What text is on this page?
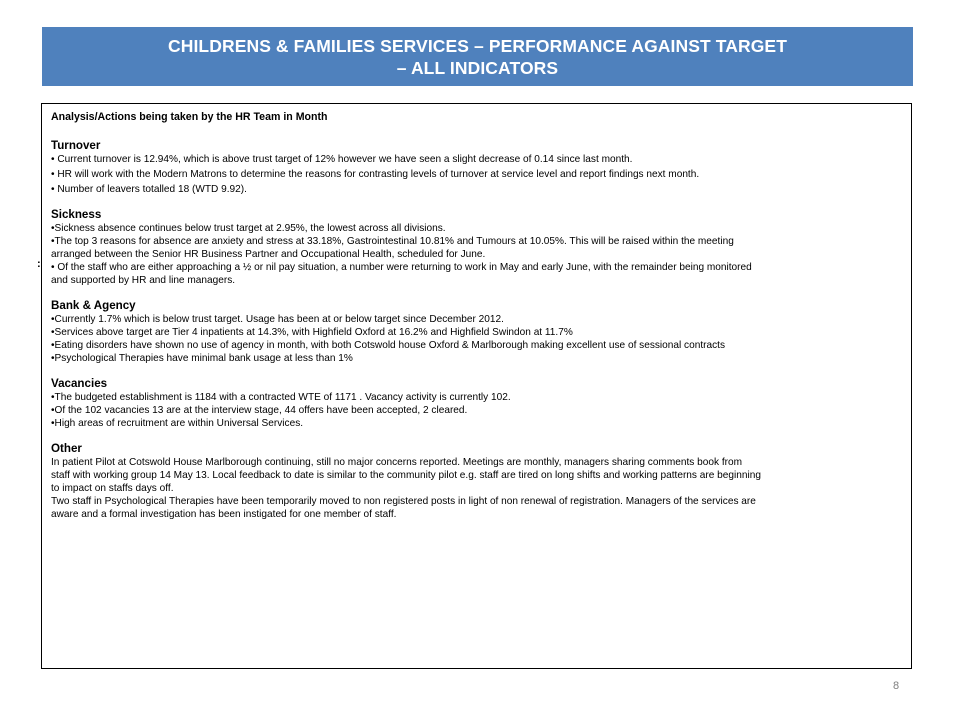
CHILDRENS & FAMILIES SERVICES – PERFORMANCE AGAINST TARGET
– ALL INDICATORS
:
Analysis/Actions being taken by the HR Team in Month
Turnover
• Current turnover is 12.94%, which is above trust target of 12% however we have seen a slight decrease of 0.14 since last month.
• HR will work with the Modern Matrons to determine the reasons for contrasting levels of turnover at service level and report findings next month.
• Number of leavers totalled 18 (WTD 9.92).
Sickness
•Sickness absence continues below trust target at 2.95%, the lowest across all divisions.
•The top 3 reasons for absence are anxiety and stress at 33.18%, Gastrointestinal 10.81% and Tumours at 10.05%. This will be raised within the meeting
arranged between the Senior HR Business Partner and Occupational Health, scheduled for June.
• Of the staff who are either approaching a ½ or nil pay situation, a number were returning to work in May and early June, with the remainder being monitored
and supported by HR and line managers.
Bank & Agency
•Currently 1.7% which is below trust target. Usage has been at or below target since December 2012.
•Services above target are Tier 4 inpatients at 14.3%, with Highfield Oxford at 16.2% and Highfield Swindon at 11.7%
•Eating disorders have shown no use of agency in month, with both Cotswold house Oxford & Marlborough making excellent use of sessional contracts
•Psychological Therapies have minimal bank usage at less than 1%
Vacancies
•The budgeted establishment is 1184 with a contracted WTE of 1171 . Vacancy activity is currently 102.
•Of the 102 vacancies 13 are at the interview stage, 44 offers have been accepted, 2 cleared.
•High areas of recruitment are within Universal Services.
Other
In patient Pilot at Cotswold House Marlborough continuing, still no major concerns reported. Meetings are monthly, managers sharing comments book from
staff with working group 14 May 13. Local feedback to date is similar to the community pilot e.g. staff are tired on long shifts and working patterns are beginning
to impact on staffs days off.
Two staff in Psychological Therapies have been temporarily moved to non registered posts in light of non renewal of registration. Managers of the services are
aware and a formal investigation has been instigated for one member of staff.
8
